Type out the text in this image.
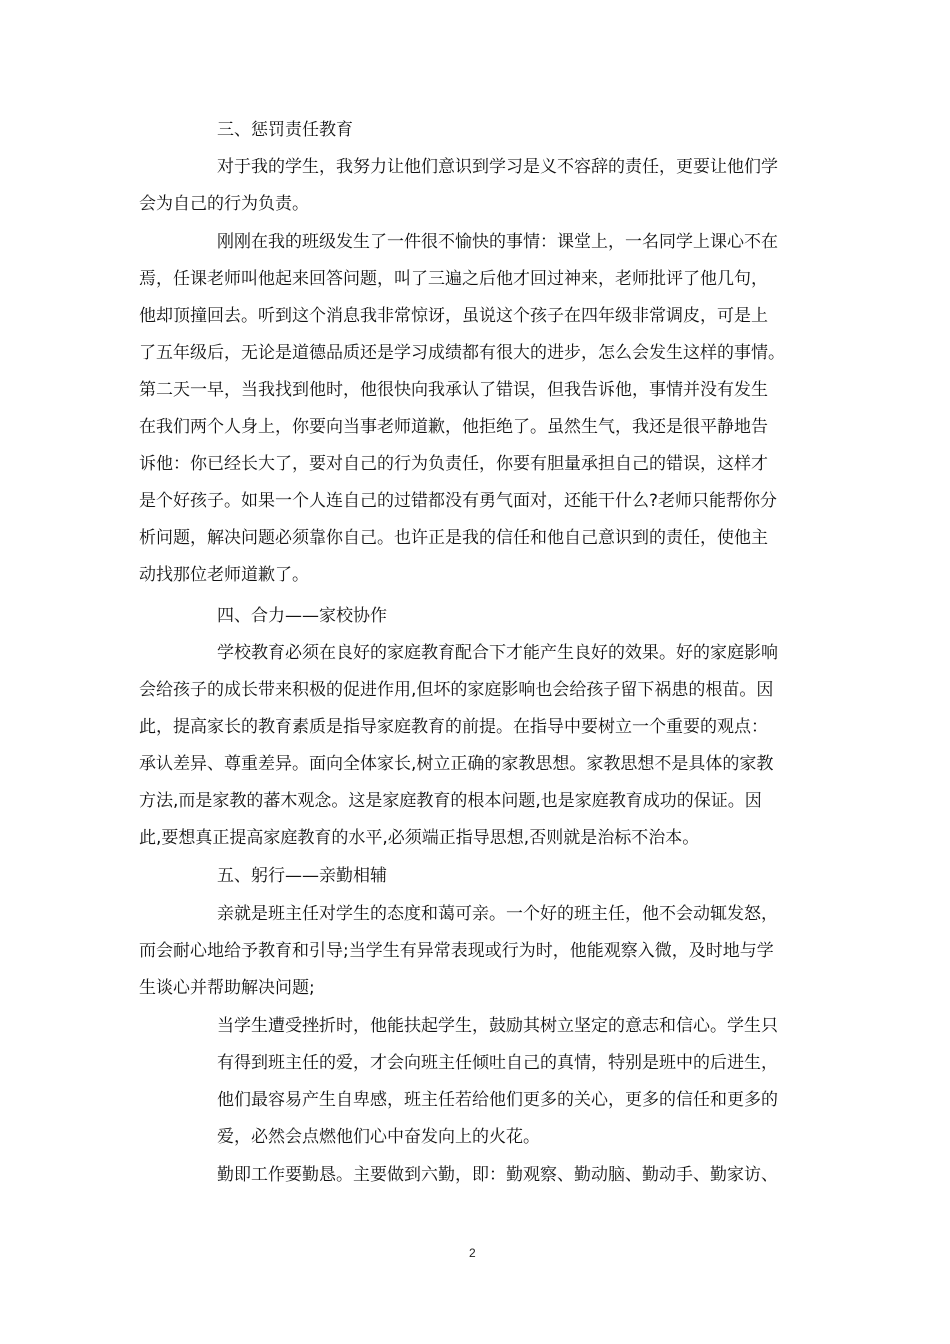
三、惩罚责任教育
对于我的学生，我努力让他们意识到学习是义不容辞的责任，更要让他们学
会为自己的行为负责。
刚刚在我的班级发生了一件很不愉快的事情：课堂上，一名同学上课心不在
焉，任课老师叫他起来回答问题，叫了三遍之后他才回过神来，老师批评了他几句，
他却顶撞回去。听到这个消息我非常惊讶，虽说这个孩子在四年级非常调皮，可是上
了五年级后，无论是道德品质还是学习成绩都有很大的进步，怎么会发生这样的事情。
第二天一早，当我找到他时，他很快向我承认了错误，但我告诉他，事情并没有发生
在我们两个人身上，你要向当事老师道歉，他拒绝了。虽然生气，我还是很平静地告
诉他：你已经长大了，要对自己的行为负责任，你要有胆量承担自己的错误，这样才
是个好孩子。如果一个人连自己的过错都没有勇气面对，还能干什么?老师只能帮你分
析问题，解决问题必须靠你自己。也许正是我的信任和他自己意识到的责任，使他主
动找那位老师道歉了。
四、合力——家校协作
学校教育必须在良好的家庭教育配合下才能产生良好的效果。好的家庭影响
会给孩子的成长带来积极的促进作用,但坏的家庭影响也会给孩子留下祸患的根苗。因
此，提高家长的教育素质是指导家庭教育的前提。在指导中要树立一个重要的观点：
承认差异、尊重差异。面向全体家长,树立正确的家教思想。家教思想不是具体的家教
方法,而是家教的蕃木观念。这是家庭教育的根本问题,也是家庭教育成功的保证。因
此,要想真正提高家庭教育的水平,必须端正指导思想,否则就是治标不治本。
五、躬行——亲勤相辅
亲就是班主任对学生的态度和蔼可亲。一个好的班主任，他不会动辄发怒，
而会耐心地给予教育和引导;当学生有异常表现或行为时，他能观察入微，及时地与学
生谈心并帮助解决问题;
当学生遭受挫折时，他能扶起学生，鼓励其树立坚定的意志和信心。学生只
有得到班主任的爱，才会向班主任倾吐自己的真情，特别是班中的后进生，
他们最容易产生自卑感，班主任若给他们更多的关心，更多的信任和更多的
爱，必然会点燃他们心中奋发向上的火花。
勤即工作要勤恳。主要做到六勤，即：勤观察、勤动脑、勤动手、勤家访、
2
